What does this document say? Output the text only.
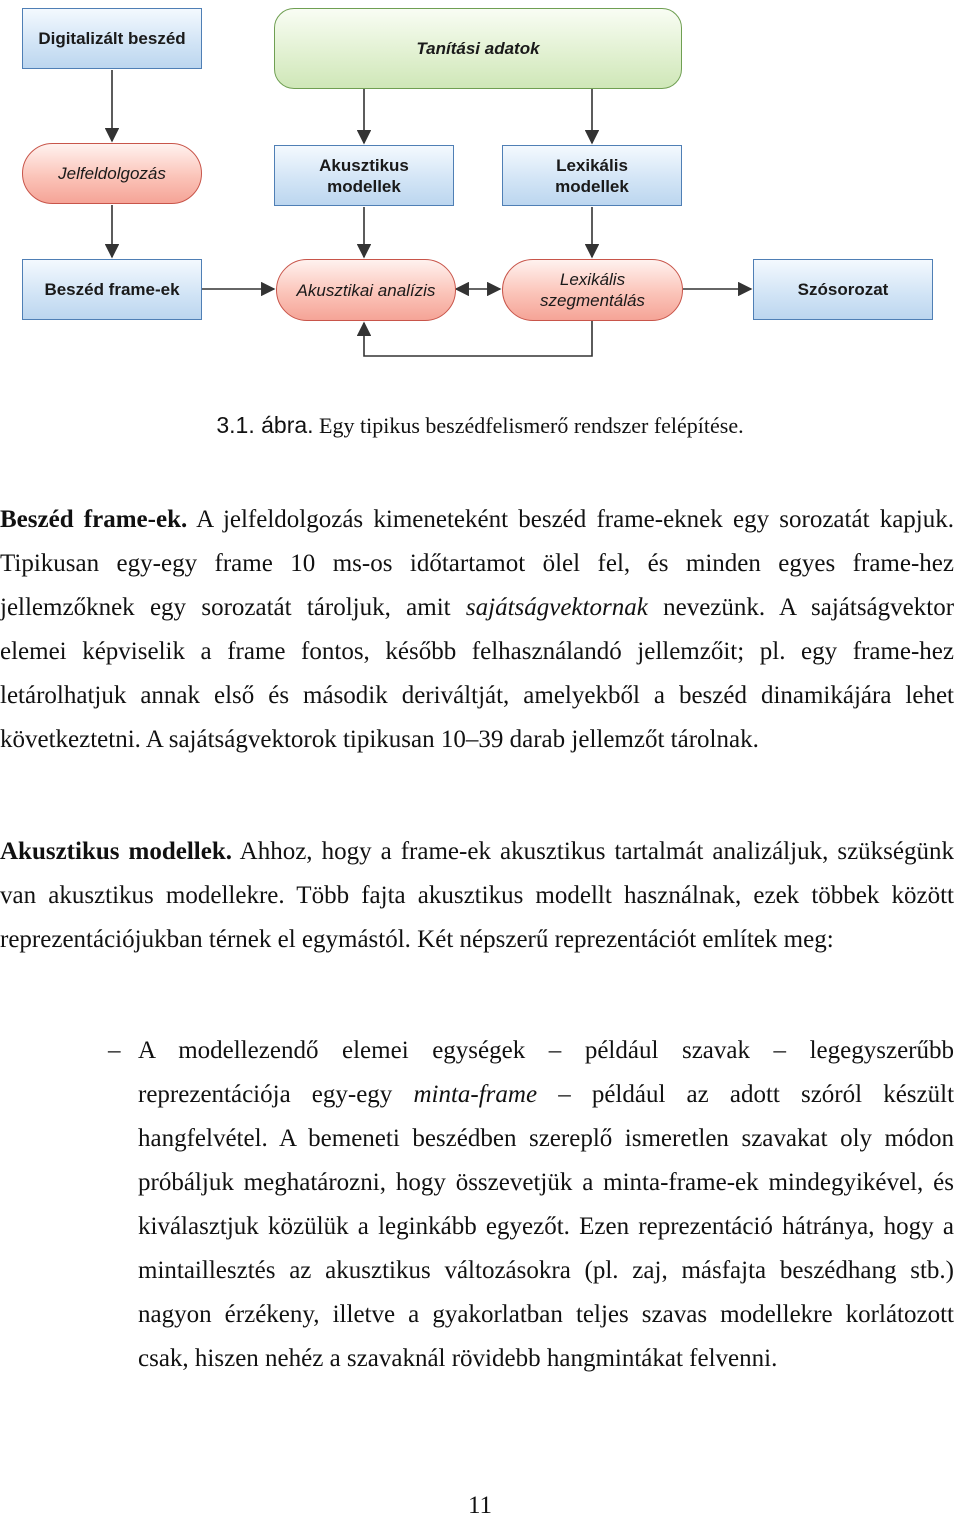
Digitalizált beszéd
Tanítási adatok
Jelfeldolgozás	Akusztikus
modellek
Lexikális
modellek
Beszéd frame-ek	Akusztikai analízis
Lexikális
szegmentálás
Szósorozat
3.1. ábra. Egy tipikus beszédfelismerő rendszer felépítése.
Beszéd frame-ek. A jelfeldolgozás kimeneteként beszéd frame-eknek egy sorozatát kapjuk. Tipikusan egy-egy frame 10 ms-os időtartamot ölel fel, és minden egyes frame-hez jellemzőknek egy sorozatát tároljuk, amit sajátságvektornak nevezünk. A sajátságvektor elemei képviselik a frame fontos, később felhasználandó jellemzőit; pl. egy frame-hez letárolhatjuk annak első és második deriváltját, amelyekből a beszéd dinamikájára lehet következtetni. A sajátságvektorok tipikusan 10–39 darab jellemzőt tárolnak.
Akusztikus modellek. Ahhoz, hogy a frame-ek akusztikus tartalmát analizáljuk, szükségünk van akusztikus modellekre. Több fajta akusztikus modellt használnak, ezek többek között reprezentációjukban térnek el egymástól. Két népszerű reprezentációt említek meg:
– A modellezendő elemei egységek – például szavak – legegyszerűbb reprezentációja egy-egy minta-frame – például az adott szóról készült hangfelvétel. A bemeneti beszédben szereplő ismeretlen szavakat oly módon próbáljuk meghatározni, hogy összevetjük a minta-frame-ek mindegyikével, és kiválasztjuk közülük a leginkább egyezőt. Ezen reprezentáció hátránya, hogy a mintaillesztés az akusztikus változásokra (pl. zaj, másfajta beszédhang stb.) nagyon érzékeny, illetve a gyakorlatban teljes szavas modellekre korlátozott csak, hiszen nehéz a szavaknál rövidebb hangmintákat felvenni.
11
